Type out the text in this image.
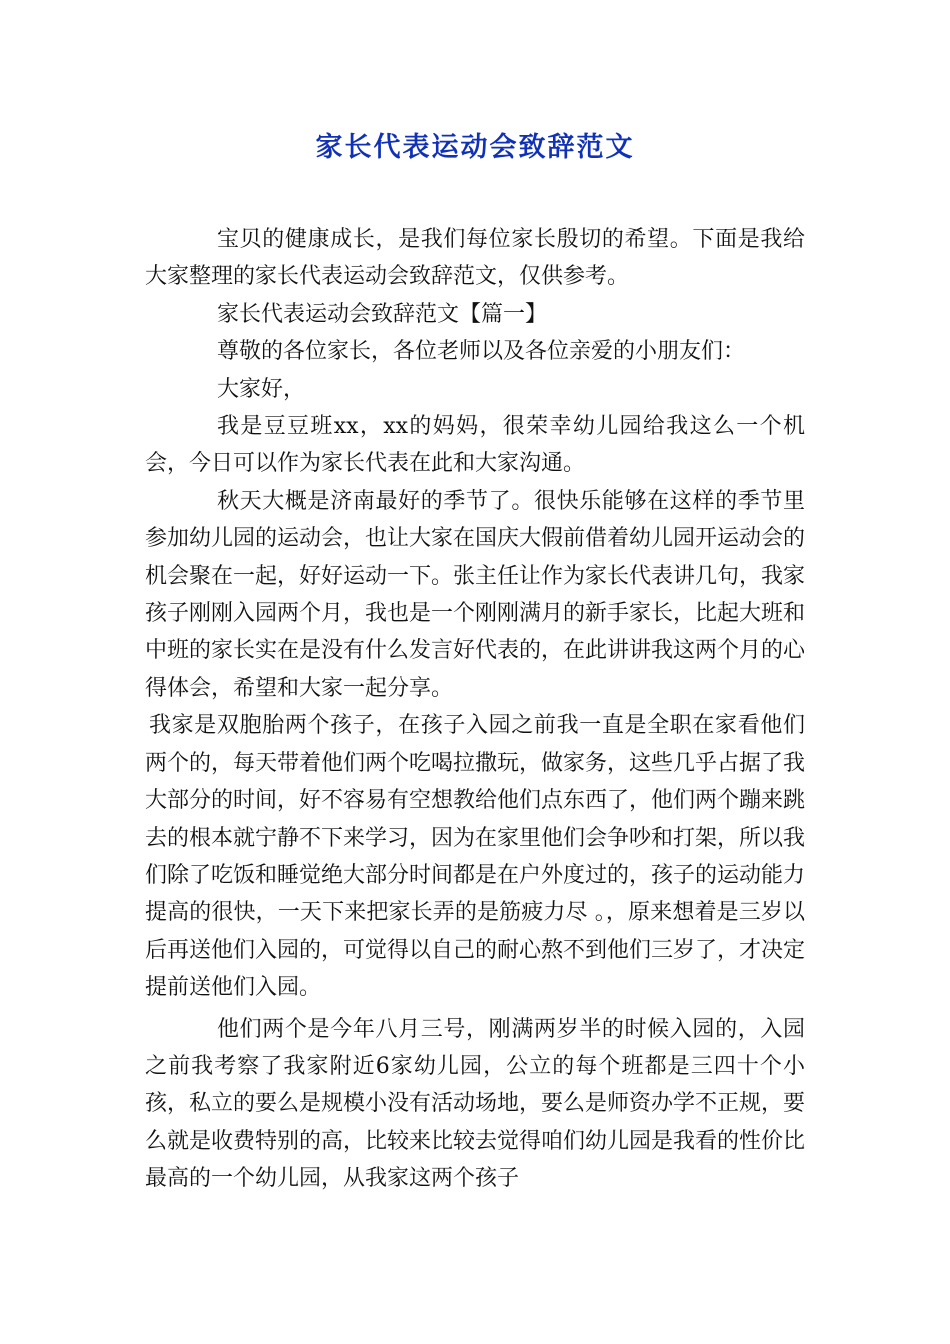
家长代表运动会致辞范文

宝贝的健康成长，是我们每位家长殷切的希望。下面是我给大家整理的家长代表运动会致辞范文，仅供参考。

家长代表运动会致辞范文【篇一】

尊敬的各位家长，各位老师以及各位亲爱的小朋友们：

大家好，

我是豆豆班xx，xx的妈妈，很荣幸幼儿园给我这么一个机会，今日可以作为家长代表在此和大家沟通。

秋天大概是济南最好的季节了。很快乐能够在这样的季节里参加幼儿园的运动会，也让大家在国庆大假前借着幼儿园开运动会的机会聚在一起，好好运动一下。张主任让作为家长代表讲几句，我家孩子刚刚入园两个月，我也是一个刚刚满月的新手家长，比起大班和中班的家长实在是没有什么发言好代表的，在此讲讲我这两个月的心得体会，希望和大家一起分享。

我家是双胞胎两个孩子，在孩子入园之前我一直是全职在家看他们两个的，每天带着他们两个吃喝拉撒玩，做家务，这些几乎占据了我大部分的时间，好不容易有空想教给他们点东西了，他们两个蹦来跳去的根本就宁静不下来学习，因为在家里他们会争吵和打架，所以我们除了吃饭和睡觉绝大部分时间都是在户外度过的，孩子的运动能力提高的很快，一天下来把家长弄的是筋疲力尽 。，原来想着是三岁以后再送他们入园的，可觉得以自己的耐心熬不到他们三岁了，才决定提前送他们入园。

他们两个是今年八月三号，刚满两岁半的时候入园的，入园之前我考察了我家附近6家幼儿园，公立的每个班都是三四十个小孩，私立的要么是规模小没有活动场地，要么是师资办学不正规，要么就是收费特别的高，比较来比较去觉得咱们幼儿园是我看的性价比最高的一个幼儿园，从我家这两个孩子
